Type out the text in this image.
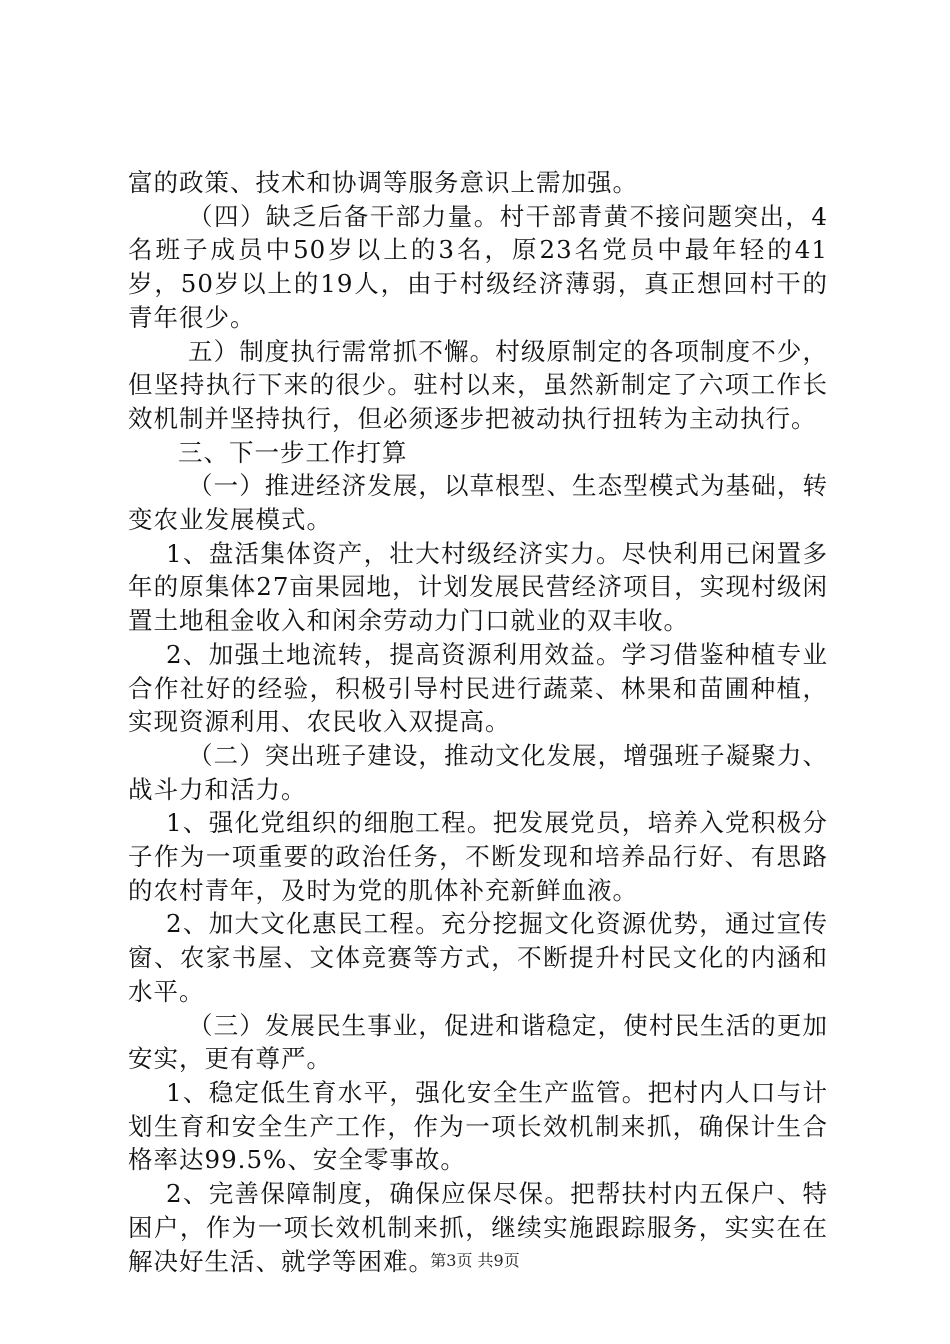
富的政策、技术和协调等服务意识上需加强。

（四）缺乏后备干部力量。村干部青黄不接问题突出，4名班子成员中50岁以上的3名，原23名党员中最年轻的41岁，50岁以上的19人，由于村级经济薄弱，真正想回村干的青年很少。

五）制度执行需常抓不懈。村级原制定的各项制度不少，但坚持执行下来的很少。驻村以来，虽然新制定了六项工作长效机制并坚持执行，但必须逐步把被动执行扭转为主动执行。

三、下一步工作打算

（一）推进经济发展，以草根型、生态型模式为基础，转变农业发展模式。

1、盘活集体资产，壮大村级经济实力。尽快利用已闲置多年的原集体27亩果园地，计划发展民营经济项目，实现村级闲置土地租金收入和闲余劳动力门口就业的双丰收。

2、加强土地流转，提高资源利用效益。学习借鉴种植专业合作社好的经验，积极引导村民进行蔬菜、林果和苗圃种植，实现资源利用、农民收入双提高。

（二）突出班子建设，推动文化发展，增强班子凝聚力、战斗力和活力。

1、强化党组织的细胞工程。把发展党员，培养入党积极分子作为一项重要的政治任务，不断发现和培养品行好、有思路的农村青年，及时为党的肌体补充新鲜血液。

2、加大文化惠民工程。充分挖掘文化资源优势，通过宣传窗、农家书屋、文体竞赛等方式，不断提升村民文化的内涵和水平。

（三）发展民生事业，促进和谐稳定，使村民生活的更加安实，更有尊严。

1、稳定低生育水平，强化安全生产监管。把村内人口与计划生育和安全生产工作，作为一项长效机制来抓，确保计生合格率达99.5%、安全零事故。

2、完善保障制度，确保应保尽保。把帮扶村内五保户、特困户，作为一项长效机制来抓，继续实施跟踪服务，实实在在解决好生活、就学等困难。

第3页 共9页
